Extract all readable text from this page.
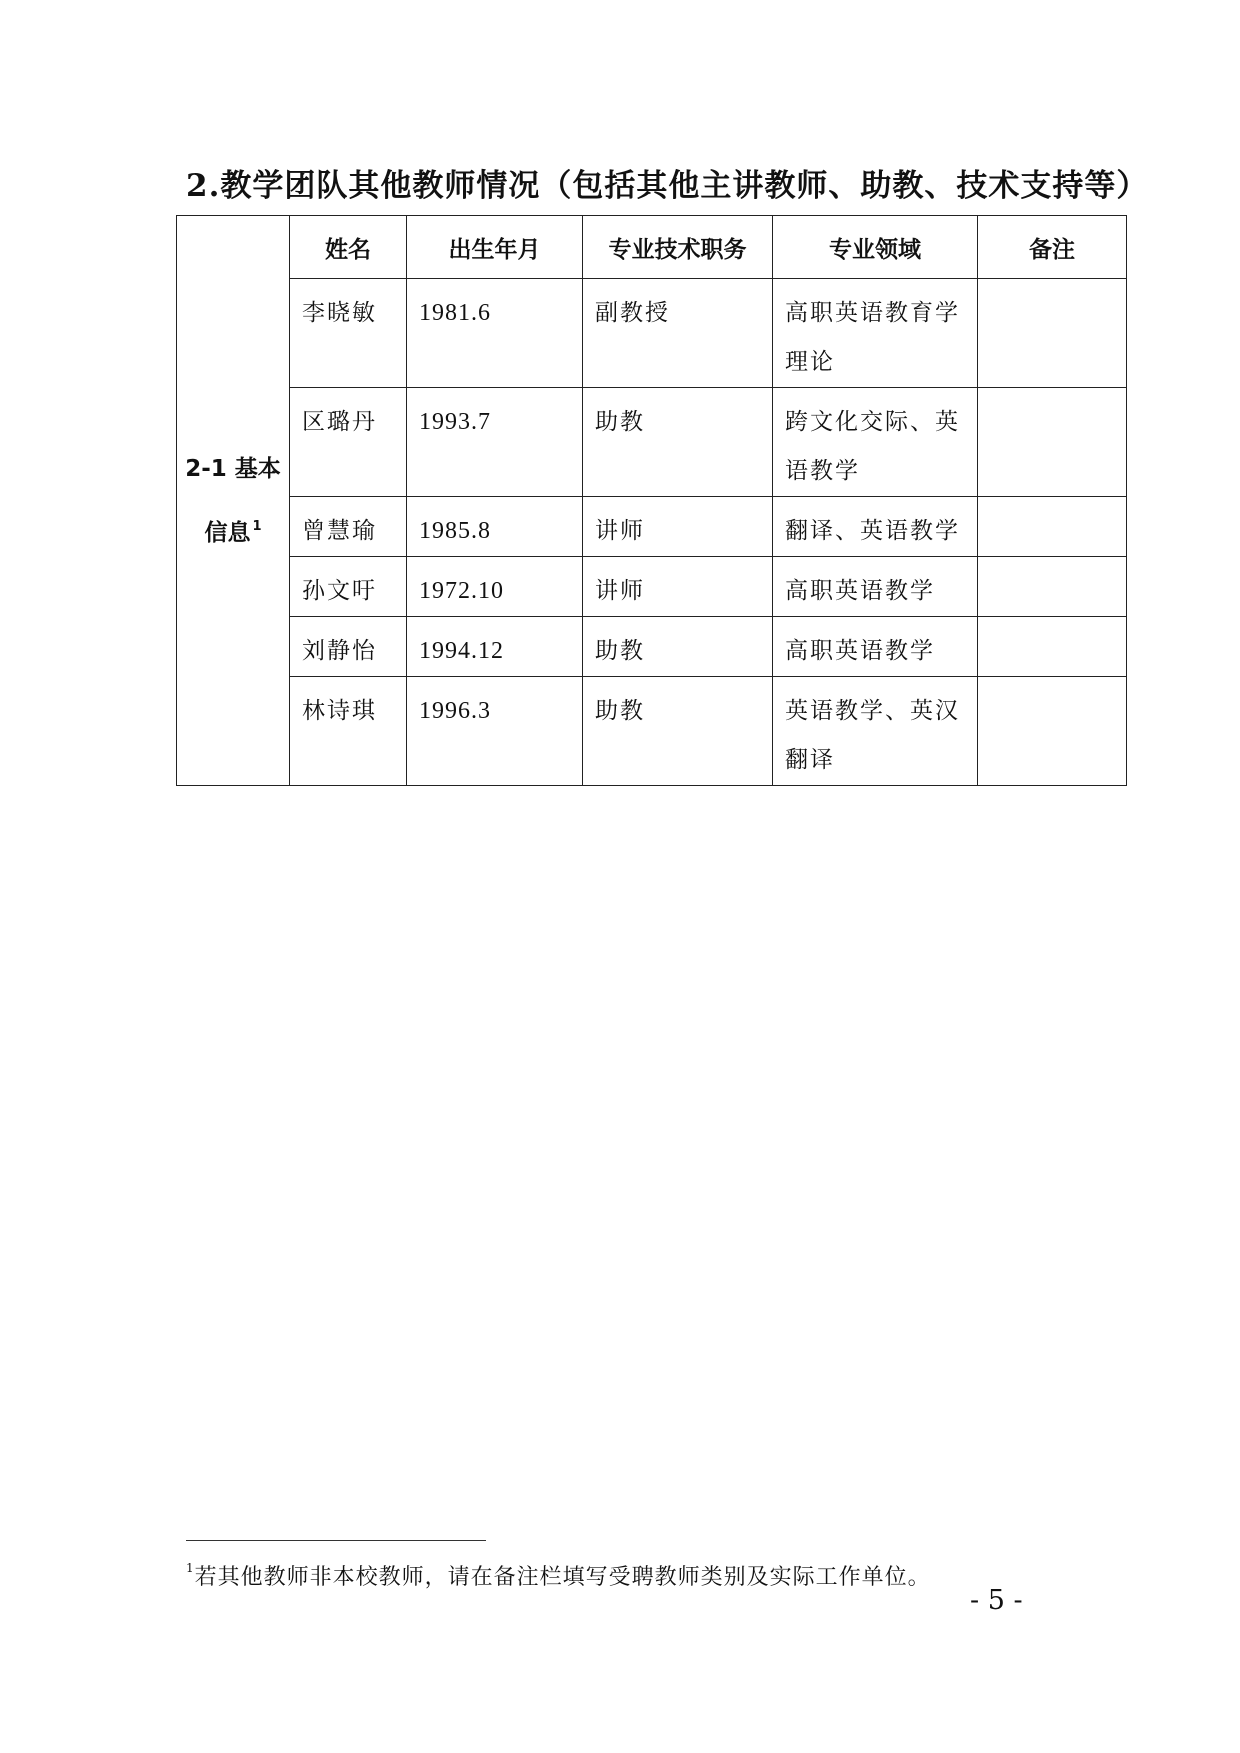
2.教学团队其他教师情况（包括其他主讲教师、助教、技术支持等）
2-1 基本
信息 $^1$	姓名	出生年月	专业技术职务	专业领域	备注
	李晓敏	1981.6	副教授	高职英语教育学理论	
	区璐丹	1993.7	助教	跨文化交际、英语教学	
	曾慧瑜	1985.8	讲师	翻译、英语教学	
	孙文吁	1972.10	讲师	高职英语教学	
	刘静怡	1994.12	助教	高职英语教学	
	林诗琪	1996.3	助教	英语教学、英汉翻译	
$^1$若其他教师非本校教师，请在备注栏填写受聘教师类别及实际工作单位。
- 5 -
